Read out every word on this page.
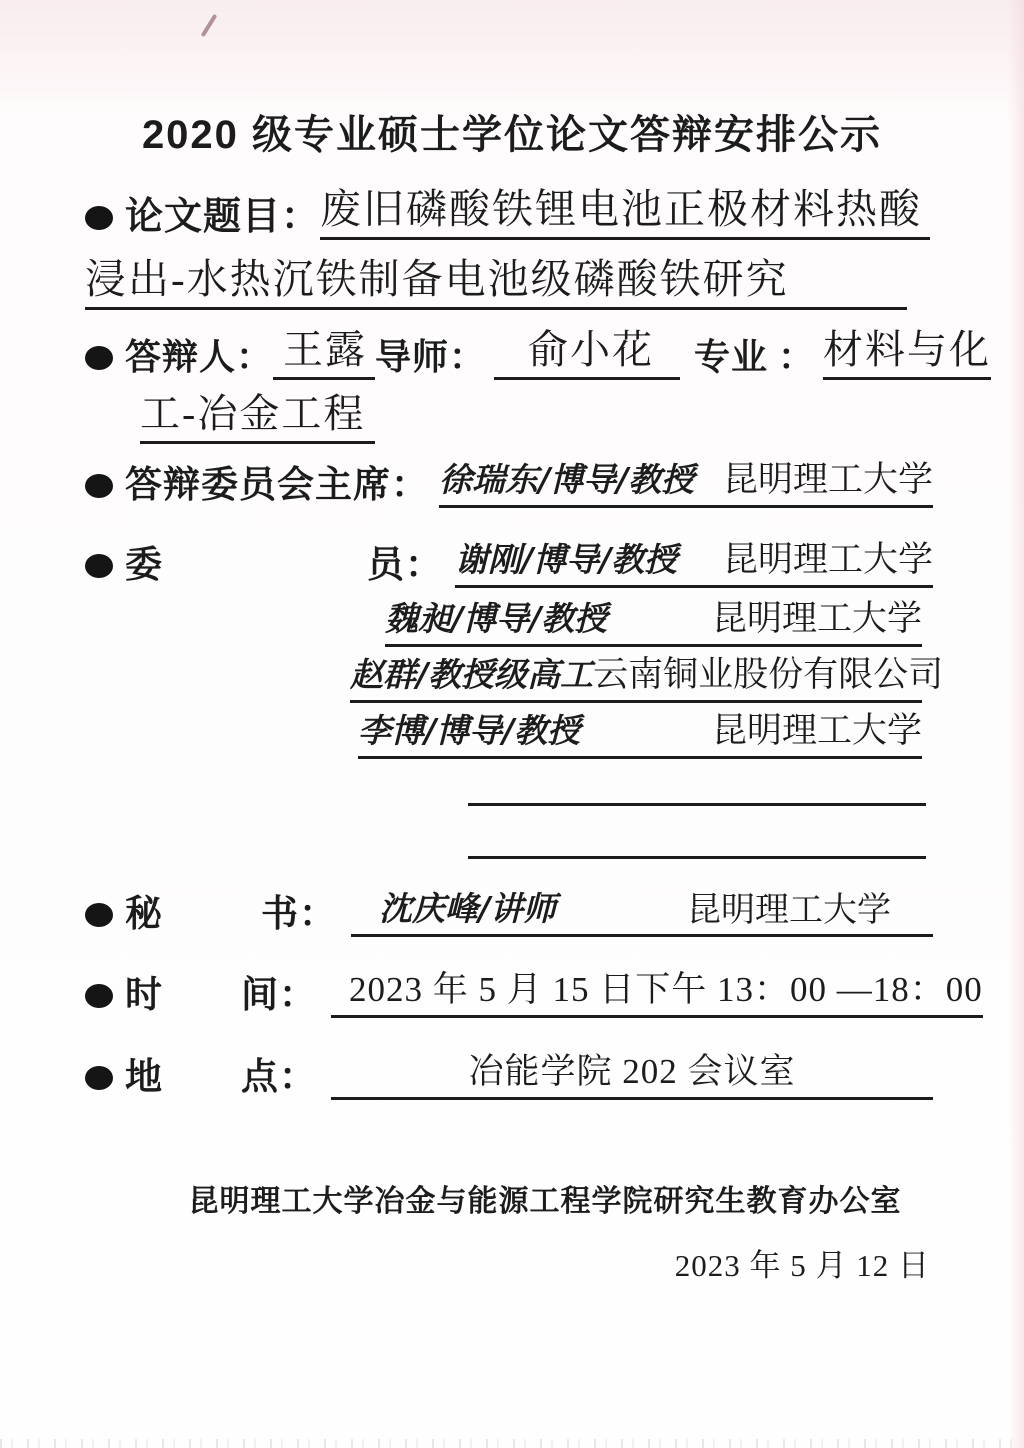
2020 级专业硕士学位论文答辩安排公示
论文题目： 废旧磷酸铁锂电池正极材料热酸
浸出-水热沉铁制备电池级磷酸铁研究
答辩人： 王露 导师：	俞小花	专业 ： 材料与化
工-冶金工程
答辩委员会主席： 徐瑞东/博导/教授 昆明理工大学
委	员： 谢刚/博导/教授 昆明理工大学
魏昶/博导/教授	昆明理工大学
赵群/教授级高工 云南铜业股份有限公司
李博/博导/教授	昆明理工大学
秘	书： 沈庆峰/讲师	昆明理工大学
时 间： 2023 年 5 月 15 日下午 13：00 —18：00
地 点：	冶能学院 202 会议室
昆明理工大学冶金与能源工程学院研究生教育办公室
2023 年 5 月 12 日
